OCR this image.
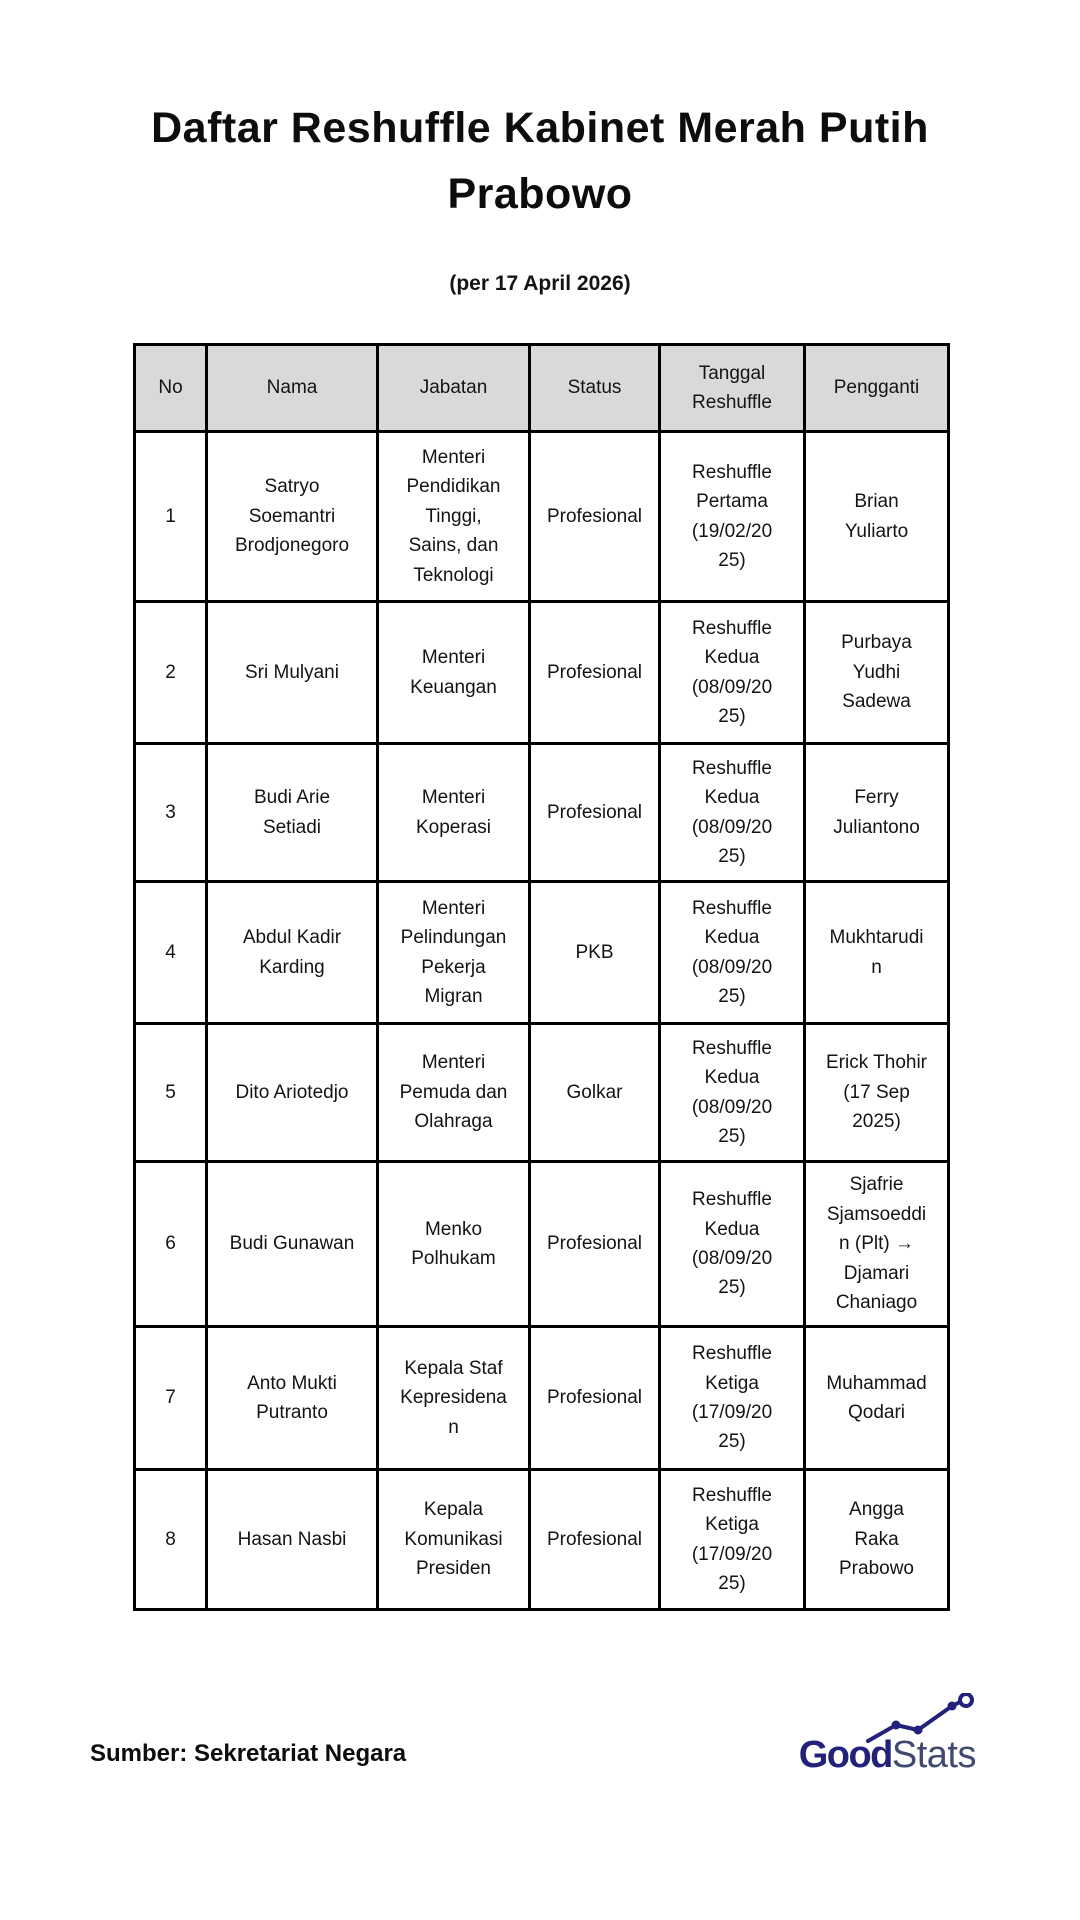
Daftar Reshuffle Kabinet Merah Putih Prabowo
(per 17 April 2026)
No	Nama	Jabatan	Status	Tanggal Reshuffle	Pengganti
1	Satryo Soemantri Brodjonegoro	Menteri Pendidikan Tinggi, Sains, dan Teknologi	Profesional	Reshuffle Pertama (19/02/2025)	Brian Yuliarto
2	Sri Mulyani	Menteri Keuangan	Profesional	Reshuffle Kedua (08/09/2025)	Purbaya Yudhi Sadewa
3	Budi Arie Setiadi	Menteri Koperasi	Profesional	Reshuffle Kedua (08/09/2025)	Ferry Juliantono
4	Abdul Kadir Karding	Menteri Pelindungan Pekerja Migran	PKB	Reshuffle Kedua (08/09/2025)	Mukhtarudin
5	Dito Ariotedjo	Menteri Pemuda dan Olahraga	Golkar	Reshuffle Kedua (08/09/2025)	Erick Thohir (17 Sep 2025)
6	Budi Gunawan	Menko Polhukam	Profesional	Reshuffle Kedua (08/09/2025)	Sjafrie Sjamsoeddin (Plt) → Djamari Chaniago
7	Anto Mukti Putranto	Kepala Staf Kepresidenan	Profesional	Reshuffle Ketiga (17/09/2025)	Muhammad Qodari
8	Hasan Nasbi	Kepala Komunikasi Presiden	Profesional	Reshuffle Ketiga (17/09/2025)	Angga Raka Prabowo
Sumber: Sekretariat Negara	GoodStats
